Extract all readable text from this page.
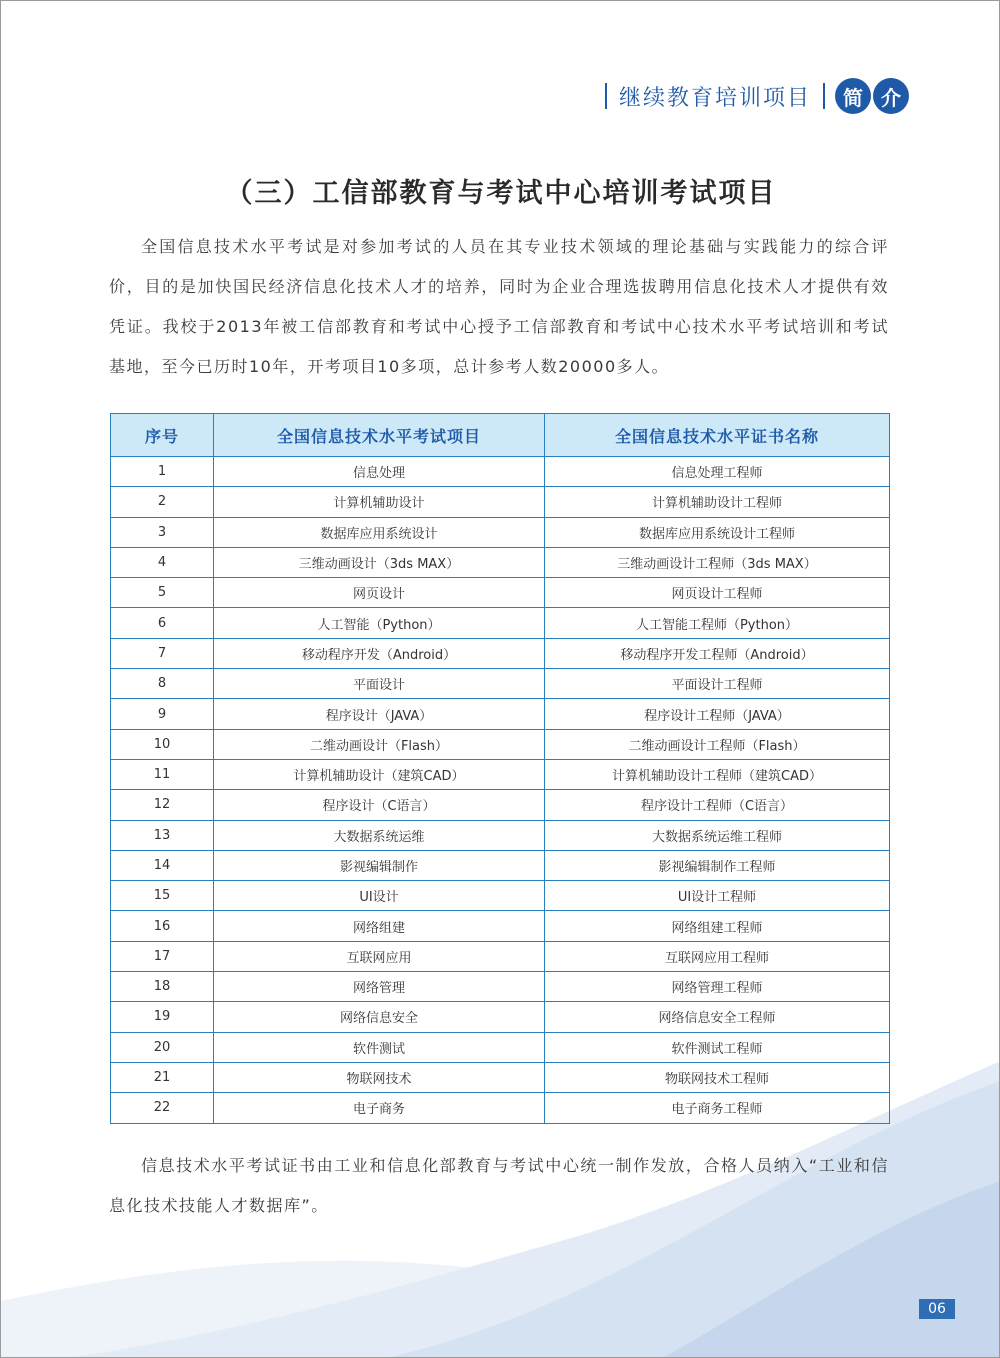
继续教育培训项目	简 介
（三）工信部教育与考试中心培训考试项目

全国信息技术水平考试是对参加考试的人员在其专业技术领域的理论基础与实践能力的综合评价，目的是加快国民经济信息化技术人才的培养，同时为企业合理选拔聘用信息化技术人才提供有效凭证。我校于2013年被工信部教育和考试中心授予工信部教育和考试中心技术水平考试培训和考试基地，至今已历时10年，开考项目10多项，总计参考人数20000多人。

序号	全国信息技术水平考试项目	全国信息技术水平证书名称
1	信息处理	信息处理工程师
2	计算机辅助设计	计算机辅助设计工程师
3	数据库应用系统设计	数据库应用系统设计工程师
4	三维动画设计（3ds MAX）	三维动画设计工程师（3ds MAX）
5	网页设计	网页设计工程师
6	人工智能（Python）	人工智能工程师（Python）
7	移动程序开发（Android）	移动程序开发工程师（Android）
8	平面设计	平面设计工程师
9	程序设计（JAVA）	程序设计工程师（JAVA）
10	二维动画设计（Flash）	二维动画设计工程师（Flash）
11	计算机辅助设计（建筑CAD）	计算机辅助设计工程师（建筑CAD）
12	程序设计（C语言）	程序设计工程师（C语言）
13	大数据系统运维	大数据系统运维工程师
14	影视编辑制作	影视编辑制作工程师
15	UI设计	UI设计工程师
16	网络组建	网络组建工程师
17	互联网应用	互联网应用工程师
18	网络管理	网络管理工程师
19	网络信息安全	网络信息安全工程师
20	软件测试	软件测试工程师
21	物联网技术	物联网技术工程师
22	电子商务	电子商务工程师

信息技术水平考试证书由工业和信息化部教育与考试中心统一制作发放，合格人员纳入“工业和信息化技术技能人才数据库”。

06
